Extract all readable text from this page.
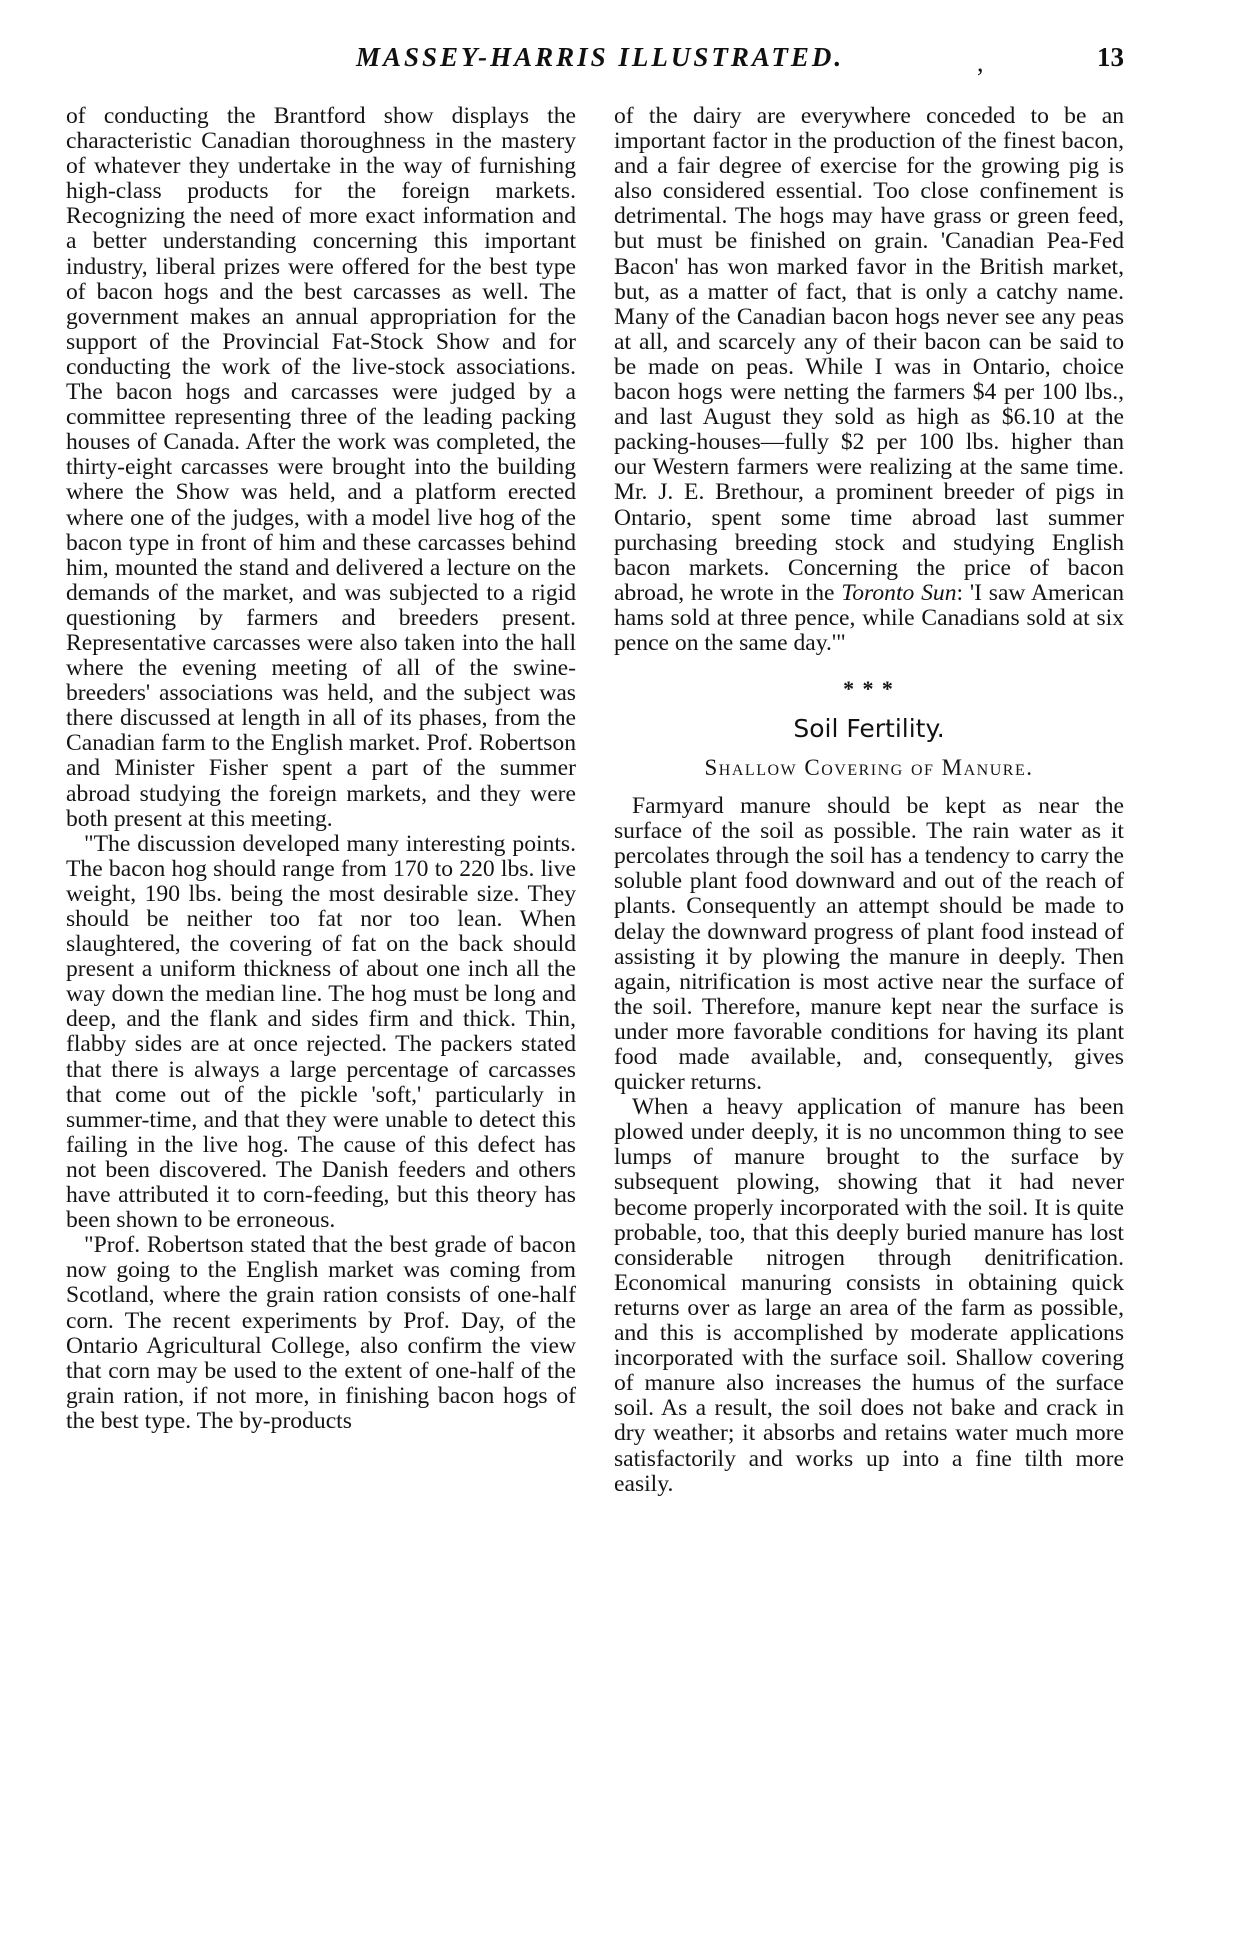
MASSEY-HARRIS ILLUSTRATED.	,	13

of conducting the Brantford show displays the characteristic Canadian thoroughness in the mastery of whatever they undertake in the way of furnishing high-class products for the foreign markets. Recognizing the need of more exact information and a better understanding concerning this important industry, liberal prizes were offered for the best type of bacon hogs and the best carcasses as well. The government makes an annual appropriation for the support of the Provincial Fat-Stock Show and for conducting the work of the live-stock associations. The bacon hogs and carcasses were judged by a committee representing three of the leading packing houses of Canada. After the work was completed, the thirty-eight carcasses were brought into the building where the Show was held, and a platform erected where one of the judges, with a model live hog of the bacon type in front of him and these carcasses behind him, mounted the stand and delivered a lecture on the demands of the market, and was subjected to a rigid questioning by farmers and breeders present. Representative carcasses were also taken into the hall where the evening meeting of all of the swine-breeders' associations was held, and the subject was there discussed at length in all of its phases, from the Canadian farm to the English market. Prof. Robertson and Minister Fisher spent a part of the summer abroad studying the foreign markets, and they were both present at this meeting.

"The discussion developed many interesting points. The bacon hog should range from 170 to 220 lbs. live weight, 190 lbs. being the most desirable size. They should be neither too fat nor too lean. When slaughtered, the covering of fat on the back should present a uniform thickness of about one inch all the way down the median line. The hog must be long and deep, and the flank and sides firm and thick. Thin, flabby sides are at once rejected. The packers stated that there is always a large percentage of carcasses that come out of the pickle 'soft,' particularly in summer-time, and that they were unable to detect this failing in the live hog. The cause of this defect has not been discovered. The Danish feeders and others have attributed it to corn-feeding, but this theory has been shown to be erroneous.

"Prof. Robertson stated that the best grade of bacon now going to the English market was coming from Scotland, where the grain ration consists of one-half corn. The recent experiments by Prof. Day, of the Ontario Agricultural College, also confirm the view that corn may be used to the extent of one-half of the grain ration, if not more, in finishing bacon hogs of the best type. The by-products

of the dairy are everywhere conceded to be an important factor in the production of the finest bacon, and a fair degree of exercise for the growing pig is also considered essential. Too close confinement is detrimental. The hogs may have grass or green feed, but must be finished on grain. 'Canadian Pea-Fed Bacon' has won marked favor in the British market, but, as a matter of fact, that is only a catchy name. Many of the Canadian bacon hogs never see any peas at all, and scarcely any of their bacon can be said to be made on peas. While I was in Ontario, choice bacon hogs were netting the farmers $4 per 100 lbs., and last August they sold as high as $6.10 at the packing-houses—fully $2 per 100 lbs. higher than our Western farmers were realizing at the same time. Mr. J. E. Brethour, a prominent breeder of pigs in Ontario, spent some time abroad last summer purchasing breeding stock and studying English bacon markets. Concerning the price of bacon abroad, he wrote in the Toronto Sun: 'I saw American hams sold at three pence, while Canadians sold at six pence on the same day.'"

* * *
Soil Fertility.
Shallow Covering of Manure.

Farmyard manure should be kept as near the surface of the soil as possible. The rain water as it percolates through the soil has a tendency to carry the soluble plant food downward and out of the reach of plants. Consequently an attempt should be made to delay the downward progress of plant food instead of assisting it by plowing the manure in deeply. Then again, nitrification is most active near the surface of the soil. Therefore, manure kept near the surface is under more favorable conditions for having its plant food made available, and, consequently, gives quicker returns.

When a heavy application of manure has been plowed under deeply, it is no uncommon thing to see lumps of manure brought to the surface by subsequent plowing, showing that it had never become properly incorporated with the soil. It is quite probable, too, that this deeply buried manure has lost considerable nitrogen through denitrification. Economical manuring consists in obtaining quick returns over as large an area of the farm as possible, and this is accomplished by moderate applications incorporated with the surface soil. Shallow covering of manure also increases the humus of the surface soil. As a result, the soil does not bake and crack in dry weather; it absorbs and retains water much more satisfactorily and works up into a fine tilth more easily.
